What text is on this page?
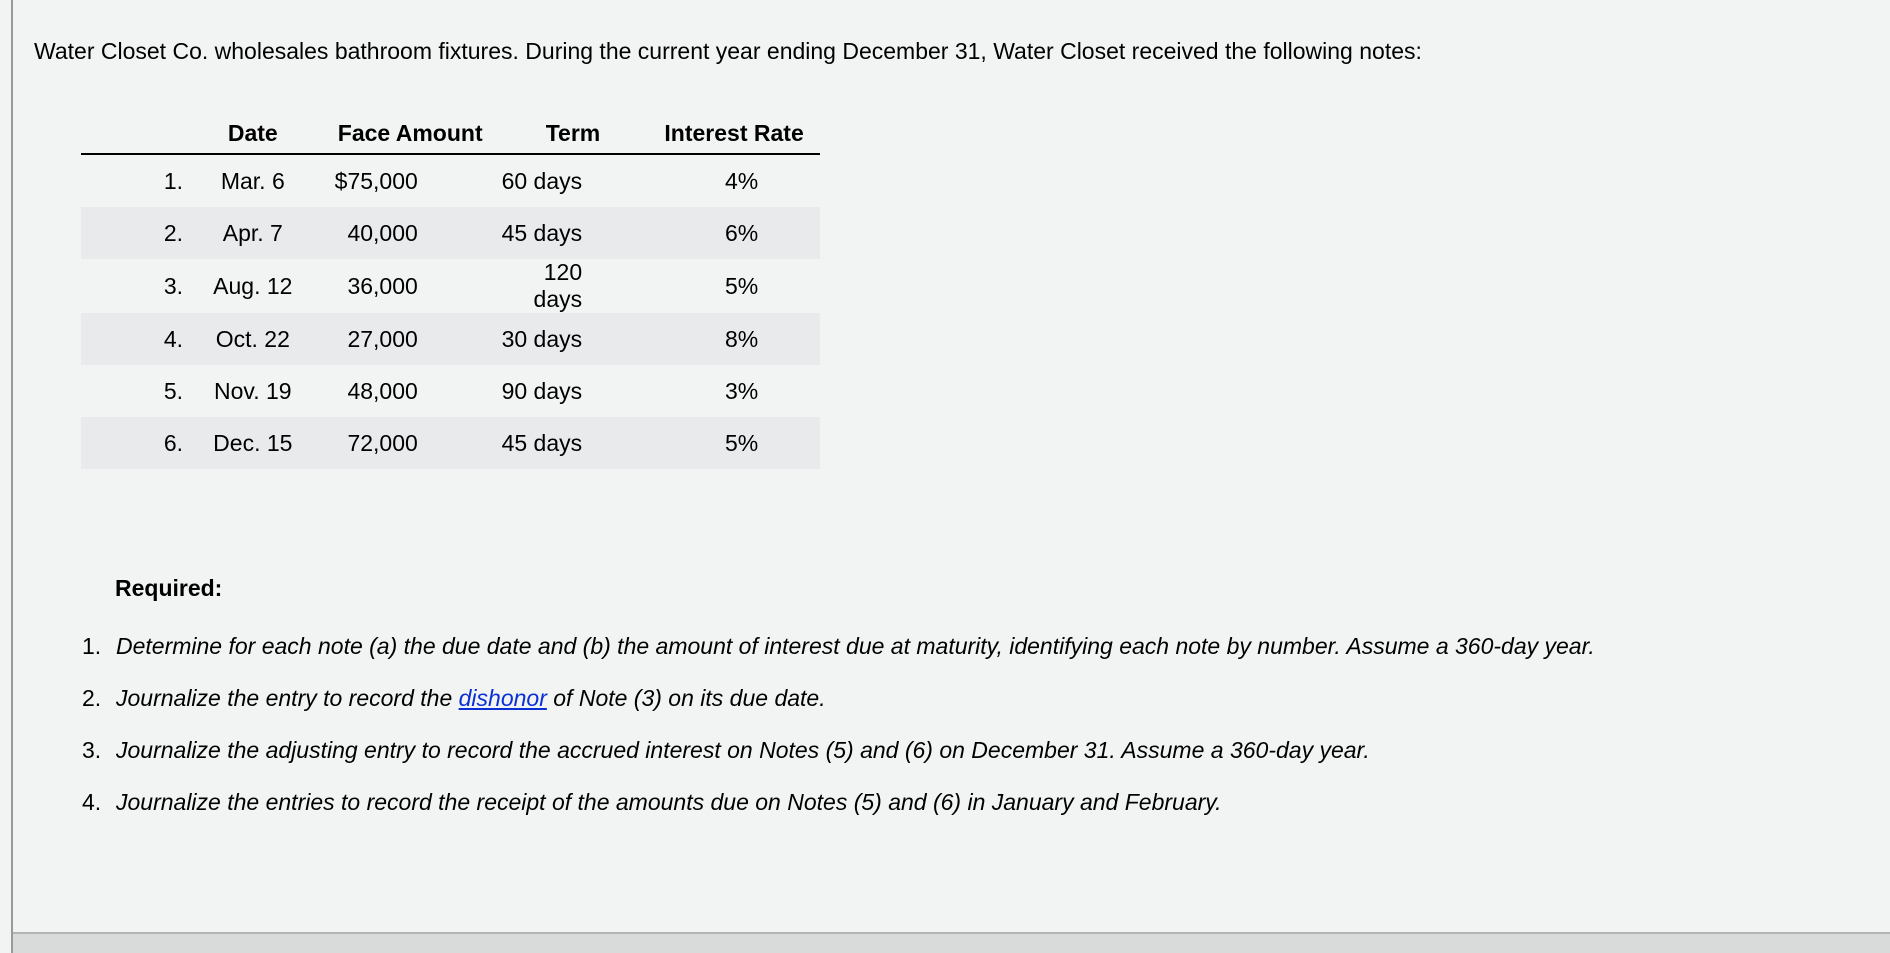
Water Closet Co. wholesales bathroom fixtures. During the current year ending December 31, Water Closet received the following notes:
	Date	Face Amount	Term	Interest Rate
1.	Mar. 6	$75,000	60 days	4%
2.	Apr. 7	40,000	45 days	6%
3.	Aug. 12	36,000	120 days	5%
4.	Oct. 22	27,000	30 days	8%
5.	Nov. 19	48,000	90 days	3%
6.	Dec. 15	72,000	45 days	5%
Required:
1. Determine for each note (a) the due date and (b) the amount of interest due at maturity, identifying each note by number. Assume a 360-day year.
2. Journalize the entry to record the dishonor of Note (3) on its due date.
3. Journalize the adjusting entry to record the accrued interest on Notes (5) and (6) on December 31. Assume a 360-day year.
4. Journalize the entries to record the receipt of the amounts due on Notes (5) and (6) in January and February.
